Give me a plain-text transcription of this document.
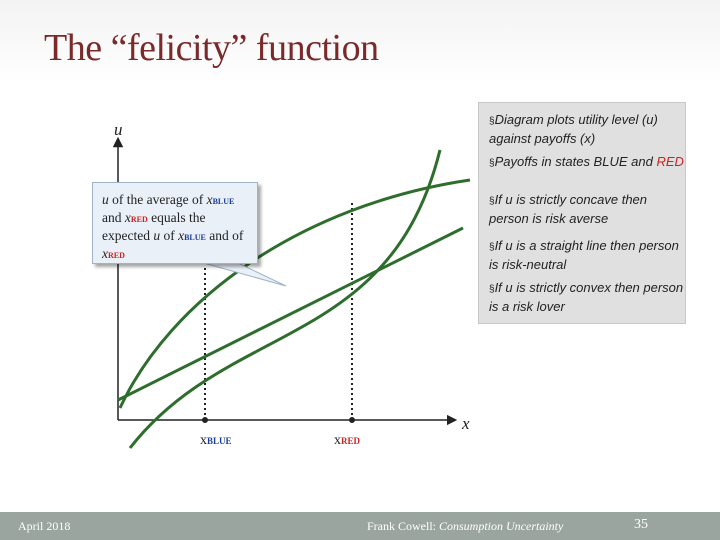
The “felicity” function
u
x
xBLUE	xRED
u of the average of xBLUE
and xRED equals the
expected u of xBLUE and of
xRED
§Diagram plots utility level (u) against payoffs (x)
§Payoffs in states BLUE and RED
§If u is strictly concave then person is risk averse
§If u is a straight line then person is risk-neutral
§If u is strictly convex then person is a risk lover
April 2018	Frank Cowell: Consumption Uncertainty	35
